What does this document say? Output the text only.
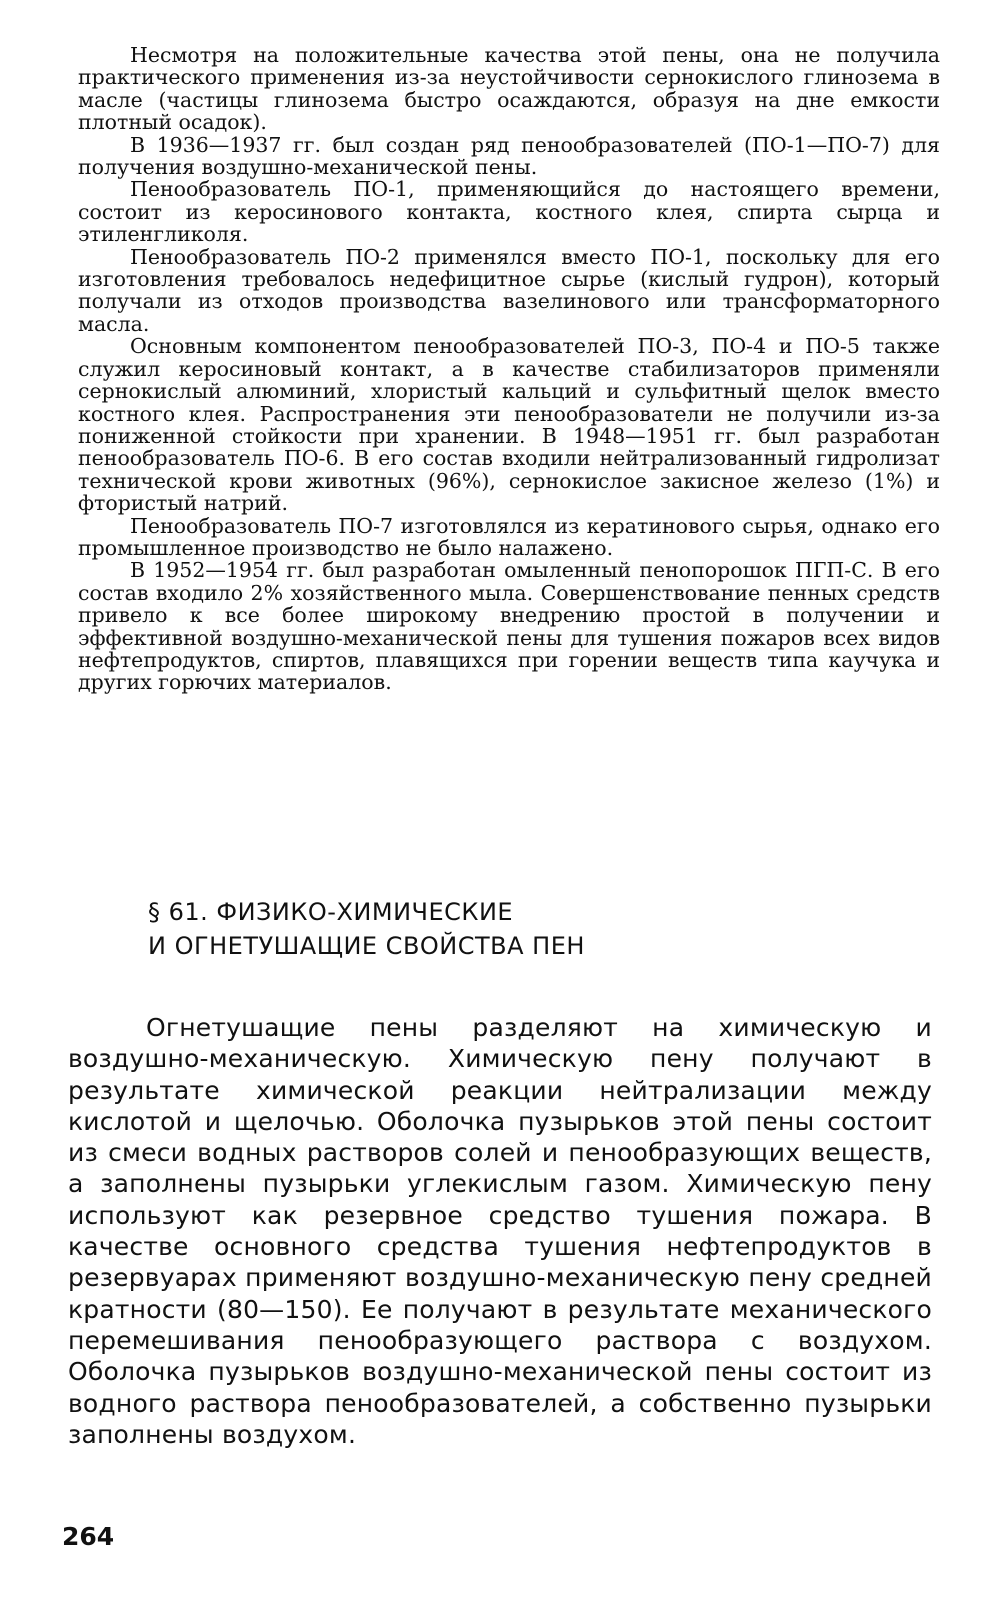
Несмотря на положительные качества этой пены, она не получила практического применения из-за неустойчивости сернокислого глинозема в масле (частицы глинозема быстро осаждаются, образуя на дне емкости плотный осадок).

В 1936—1937 гг. был создан ряд пенообразователей (ПО-1—ПО-7) для получения воздушно-механической пены.

Пенообразователь ПО-1, применяющийся до настоящего времени, состоит из керосинового контакта, костного клея, спирта сырца и этиленгликоля.

Пенообразователь ПО-2 применялся вместо ПО-1, поскольку для его изготовления требовалось недефицитное сырье (кислый гудрон), который получали из отходов производства вазелинового или трансформаторного масла.

Основным компонентом пенообразователей ПО-3, ПО-4 и ПО-5 также служил керосиновый контакт, а в качестве стабилизаторов применяли сернокислый алюминий, хлористый кальций и сульфитный щелок вместо костного клея. Распространения эти пенообразователи не получили из-за пониженной стойкости при хранении. В 1948—1951 гг. был разработан пенообразователь ПО-6. В его состав входили нейтрализованный гидролизат технической крови животных (96%), сернокислое закисное железо (1%) и фтористый натрий.

Пенообразователь ПО-7 изготовлялся из кератинового сырья, однако его промышленное производство не было налажено.

В 1952—1954 гг. был разработан омыленный пенопорошок ПГП-С. В его состав входило 2% хозяйственного мыла. Совершенствование пенных средств привело к все более широкому внедрению простой в получении и эффективной воздушно-механической пены для тушения пожаров всех видов нефтепродуктов, спиртов, плавящихся при горении веществ типа каучука и других горючих материалов.

§ 61. ФИЗИКО-ХИМИЧЕСКИЕ
И ОГНЕТУШАЩИЕ СВОЙСТВА ПЕН

Огнетушащие пены разделяют на химическую и воздушно-механическую. Химическую пену получают в результате химической реакции нейтрализации между кислотой и щелочью. Оболочка пузырьков этой пены состоит из смеси водных растворов солей и пенообразующих веществ, а заполнены пузырьки углекислым газом. Химическую пену используют как резервное средство тушения пожара. В качестве основного средства тушения нефтепродуктов в резервуарах применяют воздушно-механическую пену средней кратности (80—150). Ее получают в результате механического перемешивания пенообразующего раствора с воздухом. Оболочка пузырьков воздушно-механической пены состоит из водного раствора пенообразователей, а собственно пузырьки заполнены воздухом.

264
